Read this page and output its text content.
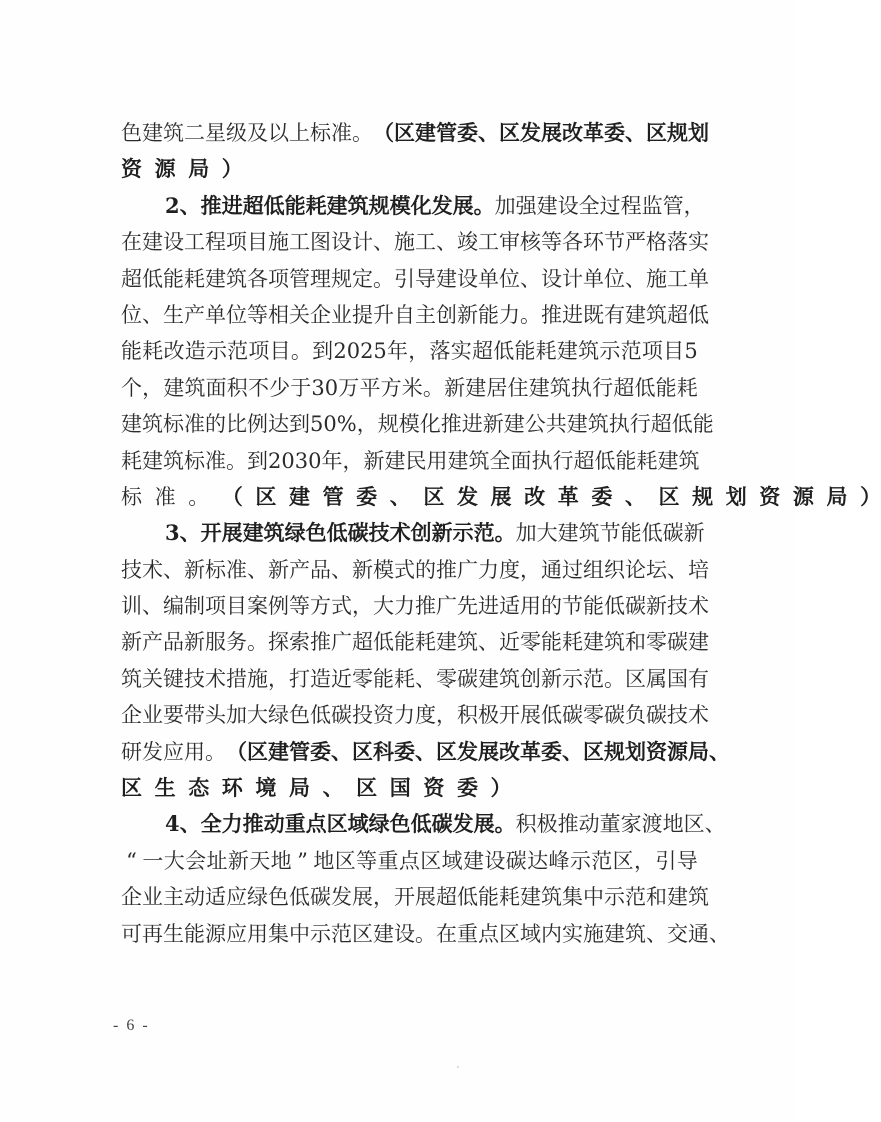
色 建 筑 二 星 级 及 以 上 标 准 。 （ 区 建 管 委 、 区 发 展 改 革 委 、 区 规 划
资 源 局 ）
2 、 推 进 超 低 能 耗 建 筑 规 模 化 发 展 。 加 强 建 设 全 过 程 监 管 ，
在 建 设 工 程 项 目 施 工 图 设 计 、 施 工 、 竣 工 审 核 等 各 环 节 严 格 落 实
超 低 能 耗 建 筑 各 项 管 理 规 定 。 引 导 建 设 单 位 、 设 计 单 位 、 施 工 单
位 、 生 产 单 位 等 相 关 企 业 提 升 自 主 创 新 能 力 。 推 进 既 有 建 筑 超 低
能 耗 改 造 示 范 项 目 。 到 2025 年 ， 落 实 超 低 能 耗 建 筑 示 范 项 目 5
个 ， 建 筑 面 积 不 少 于 30 万 平 方 米 。 新 建 居 住 建 筑 执 行 超 低 能 耗
建 筑 标 准 的 比 例 达 到 50% ， 规 模 化 推 进 新 建 公 共 建 筑 执 行 超 低 能
耗 建 筑 标 准 。 到 2030 年 ， 新 建 民 用 建 筑 全 面 执 行 超 低 能 耗 建 筑
标 准 。 （ 区 建 管 委 、 区 发 展 改 革 委 、 区 规 划 资 源 局 ）
3 、 开 展 建 筑 绿 色 低 碳 技 术 创 新 示 范 。 加 大 建 筑 节 能 低 碳 新
技 术 、 新 标 准 、 新 产 品 、 新 模 式 的 推 广 力 度 ， 通 过 组 织 论 坛 、 培
训 、 编 制 项 目 案 例 等 方 式 ， 大 力 推 广 先 进 适 用 的 节 能 低 碳 新 技 术
新 产 品 新 服 务 。 探 索 推 广 超 低 能 耗 建 筑 、 近 零 能 耗 建 筑 和 零 碳 建
筑 关 键 技 术 措 施 ， 打 造 近 零 能 耗 、 零 碳 建 筑 创 新 示 范 。 区 属 国 有
企 业 要 带 头 加 大 绿 色 低 碳 投 资 力 度 ， 积 极 开 展 低 碳 零 碳 负 碳 技 术
研 发 应 用 。 （ 区 建 管 委 、 区 科 委 、 区 发 展 改 革 委 、 区 规 划 资 源 局 、
区 生 态 环 境 局 、 区 国 资 委 ）
4 、 全 力 推 动 重 点 区 域 绿 色 低 碳 发 展 。 积 极 推 动 董 家 渡 地 区 、
“ 一 大 会 址 新 天 地 ” 地 区 等 重 点 区 域 建 设 碳 达 峰 示 范 区 ， 引 导
企 业 主 动 适 应 绿 色 低 碳 发 展 ， 开 展 超 低 能 耗 建 筑 集 中 示 范 和 建 筑
可 再 生 能 源 应 用 集 中 示 范 区 建 设 。 在 重 点 区 域 内 实 施 建 筑 、 交 通 、
- 6 -
